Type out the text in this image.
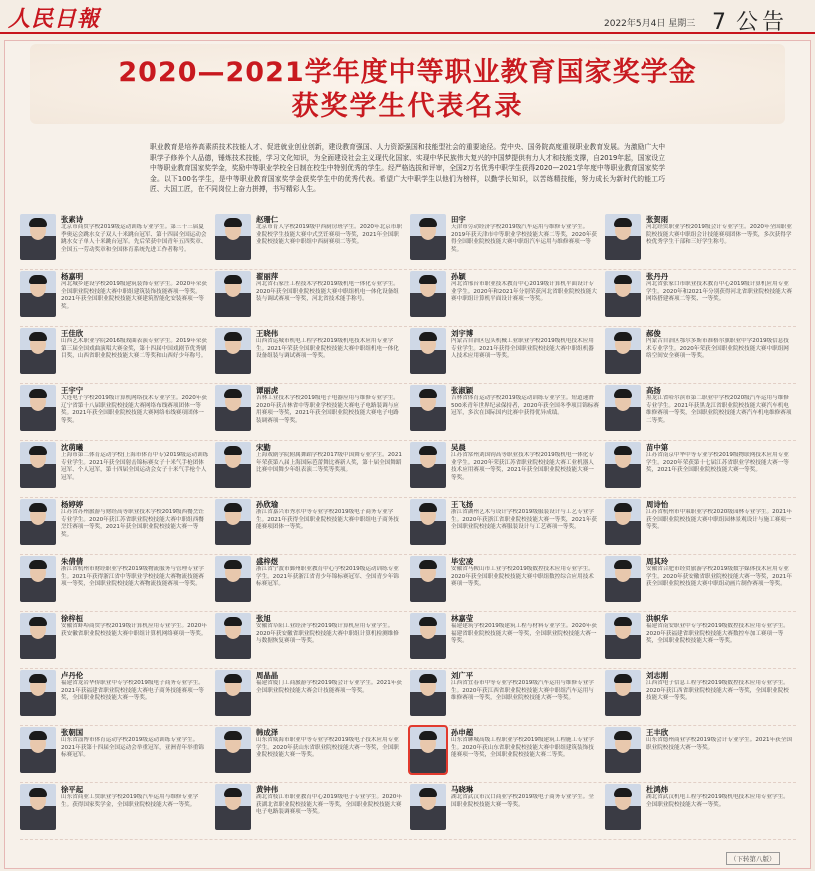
人民日報	2022年5月4日 星期三 7 公告
2020—2021学年度中等职业教育国家奖学金
获奖学生代表名录
职业教育是培养高素质技术技能人才、促进就业创业创新，建设教育强国、人力资源强国和技能型社会的重要途径。党中央、国务院高度重视职业教育发展。为激励广大中职学子修养个人品德，锤炼技术技能，学习文化知识，为全面建设社会主义现代化国家、实现中华民族伟大复兴的中国梦提供有力人才和技能支撑，自2019年起，国家设立中等职业教育国家奖学金，奖励中等职业学校全日制在校生中特别优秀的学生。经严格选拔和评审，全国2万名优秀中职学生获得2020—2021学年度中等职业教育国家奖学金。以下100名学生，是中等职业教育国家奖学金获奖学生中的优秀代表。希望广大中职学生以他们为榜样，以勤学长知识，以苦练精技能，努力成长为新时代的能工巧匠、大国工匠，在不同岗位上奋力拼搏，书写精彩人生。
张素诗
北京市商贸学校2019级运动训练专业学生。第三十三届夏季奥运会跳水女子双人十米跳台冠军、第十四届全国运动会跳水女子单人十米跳台冠军。先后荣获中国青年五四奖章、全国五一劳动奖章和全国体育系统先进工作者称号。
赵珊仁
北京市育人学校2019级中西厨房班学生。2020年北京市职业院校学生技能大赛中式烹饪赛项一等奖，2021年全国职业院校技能大赛中职组中西厨赛项二等奖。
田宇
天津市劳动经济学校2019级汽车运用与维修专业学生。2019年获天津市中等职业学校技能大赛二等奖，2020年获得全国职业院校技能大赛中职组汽车运用与维修赛项一等奖。
张贺雨
河北经贸职业学校2019级会计专业学生。2020年全国职业院校技能大赛中职组会计技能赛项团体一等奖，多次获得学校优秀学生干部和三好学生称号。
杨嘉明
河北城乡建设学校2019级建筑装饰专业学生。2020年荣获全国职业院校技能大赛中职组建筑装饰技能赛项一等奖。2021年获全国职业院校技能大赛建筑智能化安装赛项一等奖。
翟丽萍
河北省石家庄工程技术学校2019级机电一体化专业学生。2020年获全国职业院校技能大赛中职组机电一体化设备组装与调试赛项一等奖，河北省技术能手称号。
孙颖
河北省邢台市职业技术教育中心2019级计算机平面设计专业学生。2020年和2021年分别荣获河北省职业院校技能大赛中职组计算机平面设计赛项一等奖。
张丹丹
河北省张家口市职业技术教育中心2019级计算机应用专业学生。2020年和2021年分别获得河北省职业院校技能大赛网络搭建赛项二等奖、一等奖。
王佳欣
山西艺术职业学院2016级戏曲表演专业学生。2019年荣获第三届全国戏曲演唱大赛金奖，第十四届中国戏剧节优秀剧目奖，山西省职业院校技能大赛二等奖和山西好少年称号。
王晓伟
山西省运城市机电工程学校2019级机电技术应用专业学生。2021年荣获全国职业院校技能大赛中职组机电一体化设备组装与调试赛项一等奖。
刘宇博
内蒙古自治区包头机械工业职业学校2019级机电技术应用专业学生。2021年获得全国职业院校技能大赛中职组机器人技术应用赛项一等奖。
郝俊
内蒙古自治区鄂尔多斯市准格尔旗职业中学2019级信息技术专业学生。2020年荣获全国职业院校技能大赛中职组网络空间安全赛项一等奖。
王宇宁
大连电子学校2019级计算机网络技术专业学生。2020年获辽宁省第十八届职业院校技能大赛网络布线赛项团体一等奖。2021年获全国职业院校技能大赛网络布线赛项团体一等奖。
谭丽虎
吉林工业技术学校2019级电子电器应用与维修专业学生。2020年获吉林省中等职业学校技能大赛电子电路装调与应用赛项一等奖，2021年获全国职业院校技能大赛电子电路装调赛项一等奖。
张淑颖
吉林省体育运动学校2019级运动训练专业学生。短道速滑500米青年世界纪录保持者，2020年获全国冬季项目锦标赛冠军，多次在国际国内比赛中获得优异成绩。
高扬
黑龙江省哈尔滨市第二职业中学校2020级汽车运用与维修专业学生。2021年获黑龙江省职业院校技能大赛汽车机电维修赛项一等奖，全国职业院校技能大赛汽车机电维修赛项二等奖。
沈萌曦
上海市第二体育运动学校(上海市体育中专)2019级运动训练专业学生。2021年获全国射击锦标赛女子十米气手枪团体冠军、个人冠军，第十四届全国运动会女子十米气手枪个人冠军。
宋勤
上海戏剧学院附属舞蹈学校2017级中国舞专业学生。2021年荣获第八届上海国际芭蕾舞比赛新人奖，第十届全国舞蹈比赛中国舞少年组表演二等奖等奖项。
吴晨
江苏省常州刘国钧高等职业技术学校2019级机电一体化专业学生。2020年荣获江苏省职业院校技能大赛工业机器人技术应用赛项一等奖，2021年获全国职业院校技能大赛一等奖。
苗中第
江苏省南京中华中等专业学校2019级物联网技术应用专业学生。2020年荣获第十七届江苏省职业学校技能大赛一等奖，2021年获全国职业院校技能大赛一等奖。
杨婷婷
江苏省苏州旅游与财经高等职业技术学校2019级西餐烹饪专业学生。2020年获江苏省职业院校技能大赛中职组西餐烹饪赛项一等奖，2021年获全国职业院校技能大赛一等奖。
孙欣瑜
浙江省嘉兴市秀水中等专业学校2019级电子商务专业学生。2021年获得全国职业院校技能大赛中职组电子商务技能赛项团体一等奖。
王飞扬
浙江省湖州艺术与设计学校2019级服装设计与工艺专业学生。2020年获浙江省职业院校技能大赛一等奖，2021年获全国职业院校技能大赛服装设计与工艺赛项一等奖。
周诗怡
江苏省杭州市中策职业学校2020级园林专业学生。2021年获全国职业院校技能大赛中职组园林景观设计与施工赛项一等奖。
朱倩倩
浙江省杭州市财经职业学校2019级物流服务与管理专业学生。2021年获得浙江省中等职业学校技能大赛物流技能赛项一等奖，全国职业院校技能大赛物流技能赛项一等奖。
盛梓煜
浙江省宁波市鄞州职业教育中心学校2019级运动训练专业学生。2021年获浙江省青少年锦标赛冠军、全国青少年锦标赛冠军。
毕宏凌
安徽省马鞍山市工业学校2019级数控技术应用专业学生。2020年获全国职业院校技能大赛中职组数控综合应用技术赛项一等奖。
周其玲
安徽省合肥市经贸旅游学校2019级数字媒体技术应用专业学生。2020年获安徽省职业院校技能大赛一等奖，2021年获全国职业院校技能大赛中职组动画片制作赛项一等奖。
徐梓桓
安徽省蚌埠商贸学校2019级计算机应用专业学生。2020年获安徽省职业院校技能大赛中职组计算机网络赛项一等奖。
张旭
安徽省阜阳工业经济学校2019级计算机应用专业学生。2020年获安徽省职业院校技能大赛中职组计算机检测维修与数据恢复赛项一等奖。
林嘉莹
福建建筑学校2019级建筑工程与材料专业学生。2020年获福建省职业院校技能大赛一等奖，全国职业院校技能大赛一等奖。
洪帜华
福建省南安职业中专学校2019级数控技术应用专业学生。2020年获福建省职业院校技能大赛数控车加工赛项一等奖，全国职业院校技能大赛一等奖。
卢丹伦
福建省龙岩华侨职业中专学校2019级电子商务专业学生。2021年获福建省职业院校技能大赛电子商务技能赛项一等奖，全国职业院校技能大赛一等奖。
周晶晶
福建省厦门工商旅游学校2019级会计专业学生。2021年获全国职业院校技能大赛会计技能赛项一等奖。
刘广平
江西省宜春市中等专业学校2019级汽车运用与维修专业学生。2020年获江西省职业院校技能大赛中职组汽车运用与维修赛项一等奖，全国职业院校技能大赛一等奖。
刘志刚
江西省电子信息工程学校2019级数控技术应用专业学生。2020年获江西省职业院校技能大赛一等奖，全国职业院校技能大赛一等奖。
张朝国
山东省淄博市体育运动学校2019级运动训练专业学生。2021年获第十四届全国运动会举重冠军，亚洲青年举重锦标赛冠军。
韩成泽
山东省威海市职业中等专业学校2019级电子技术应用专业学生。2020年获山东省职业院校技能大赛一等奖，全国职业院校技能大赛一等奖。
孙申超
山东省聊城高级工程职业学校2019级建筑工程施工专业学生。2020年获山东省职业院校技能大赛中职组建筑装饰技能赛项一等奖，全国职业院校技能大赛二等奖。
王丰欣
山东省德州商业学校2019级会计专业学生。2021年获全国职业院校技能大赛一等奖。
徐平起
山东省商业工贸职业学校2019级汽车运用与维修专业学生。获得国家奖学金，全国职业院校技能大赛一等奖。
黄钟伟
湖北省枝江市职业教育中心2019级电子专业学生。2020年获湖北省职业院校技能大赛一等奖，全国职业院校技能大赛电子电路装调赛项一等奖。
马晓琳
湖北省武汉市汉口商业学校2019级电子商务专业学生。全国职业院校技能大赛一等奖。
杜鸿炜
湖北省武汉机电工程学校2019级机电技术应用专业学生。全国职业院校技能大赛一等奖。
（下转第八版）
